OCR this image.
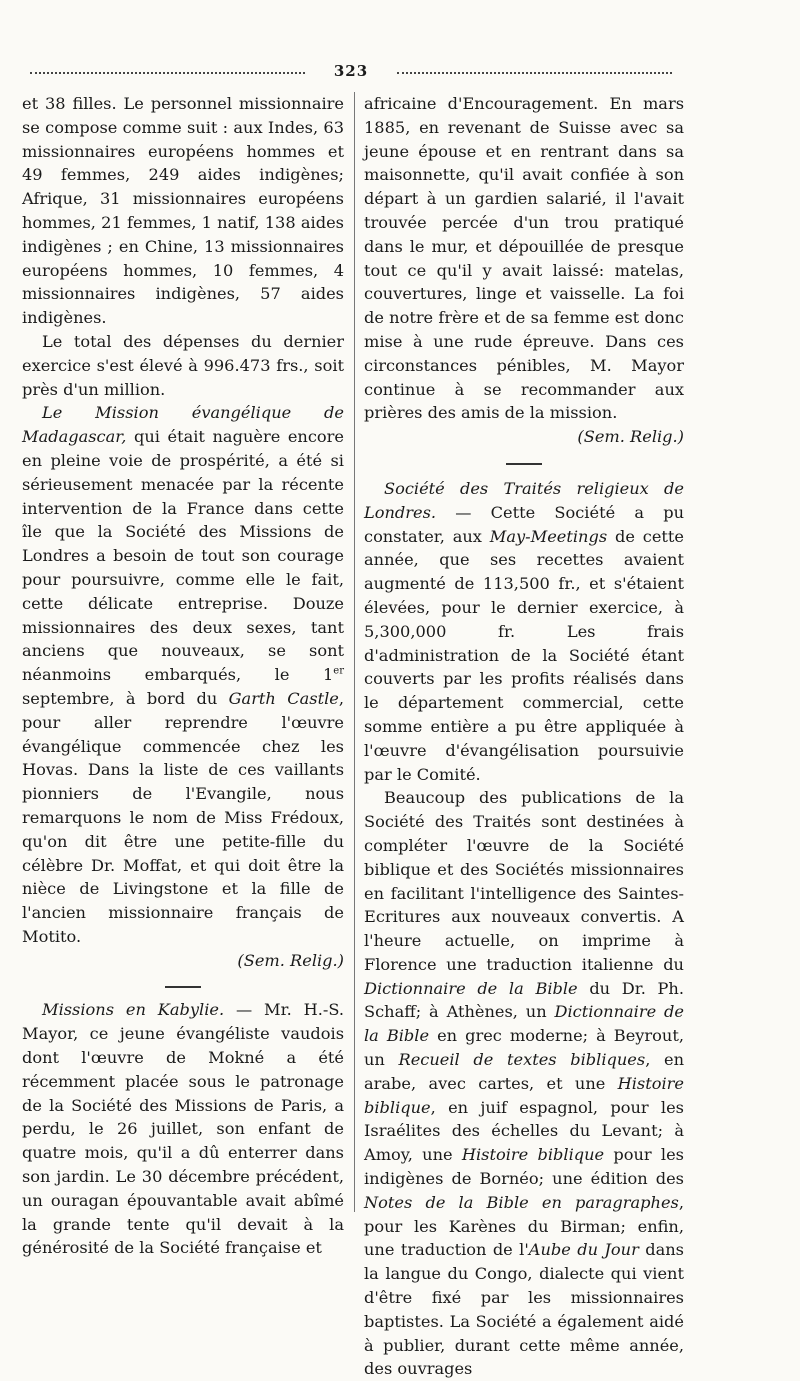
323

et 38 filles. Le personnel missionnaire se compose comme suit : aux Indes, 63 missionnaires européens hommes et 49 femmes, 249 aides indigènes; Afrique, 31 missionnaires européens hommes, 21 femmes, 1 natif, 138 aides indigènes ; en Chine, 13 missionnaires européens hommes, 10 femmes, 4 missionnaires indigènes, 57 aides indigènes.

Le total des dépenses du dernier exercice s'est élevé à 996.473 frs., soit près d'un million.

Le Mission évangélique de Madagascar, qui était naguère encore en pleine voie de prospérité, a été si sérieusement menacée par la récente intervention de la France dans cette île que la Société des Missions de Londres a besoin de tout son courage pour poursuivre, comme elle le fait, cette délicate entreprise. Douze missionnaires des deux sexes, tant anciens que nouveaux, se sont néanmoins embarqués, le 1er septembre, à bord du Garth Castle, pour aller reprendre l'œuvre évangélique commencée chez les Hovas. Dans la liste de ces vaillants pionniers de l'Evangile, nous remarquons le nom de Miss Frédoux, qu'on dit être une petite-fille du célèbre Dr. Moffat, et qui doit être la nièce de Livingstone et la fille de l'ancien missionnaire français de Motito.
(Sem. Relig.)

Missions en Kabylie. — Mr. H.-S. Mayor, ce jeune évangéliste vaudois dont l'œuvre de Mokné a été récemment placée sous le patronage de la Société des Missions de Paris, a perdu, le 26 juillet, son enfant de quatre mois, qu'il a dû enterrer dans son jardin. Le 30 décembre précédent, un ouragan épouvantable avait abîmé la grande tente qu'il devait à la générosité de la Société française et

africaine d'Encouragement. En mars 1885, en revenant de Suisse avec sa jeune épouse et en rentrant dans sa maisonnette, qu'il avait confiée à son départ à un gardien salarié, il l'avait trouvée percée d'un trou pratiqué dans le mur, et dépouillée de presque tout ce qu'il y avait laissé: matelas, couvertures, linge et vaisselle. La foi de notre frère et de sa femme est donc mise à une rude épreuve. Dans ces circonstances pénibles, M. Mayor continue à se recommander aux prières des amis de la mission.
(Sem. Relig.)

Société des Traités religieux de Londres. — Cette Société a pu constater, aux May-Meetings de cette année, que ses recettes avaient augmenté de 113,500 fr., et s'étaient élevées, pour le dernier exercice, à 5,300,000 fr. Les frais d'administration de la Société étant couverts par les profits réalisés dans le département commercial, cette somme entière a pu être appliquée à l'œuvre d'évangélisation poursuivie par le Comité.

Beaucoup des publications de la Société des Traités sont destinées à compléter l'œuvre de la Société biblique et des Sociétés missionnaires en facilitant l'intelligence des Saintes-Ecritures aux nouveaux convertis. A l'heure actuelle, on imprime à Florence une traduction italienne du Dictionnaire de la Bible du Dr. Ph. Schaff; à Athènes, un Dictionnaire de la Bible en grec moderne; à Beyrout, un Recueil de textes bibliques, en arabe, avec cartes, et une Histoire biblique, en juif espagnol, pour les Israélites des échelles du Levant; à Amoy, une Histoire biblique pour les indigènes de Bornéo; une édition des Notes de la Bible en paragraphes, pour les Karènes du Birman; enfin, une traduction de l'Aube du Jour dans la langue du Congo, dialecte qui vient d'être fixé par les missionnaires baptistes. La Société a également aidé à publier, durant cette même année, des ouvrages
